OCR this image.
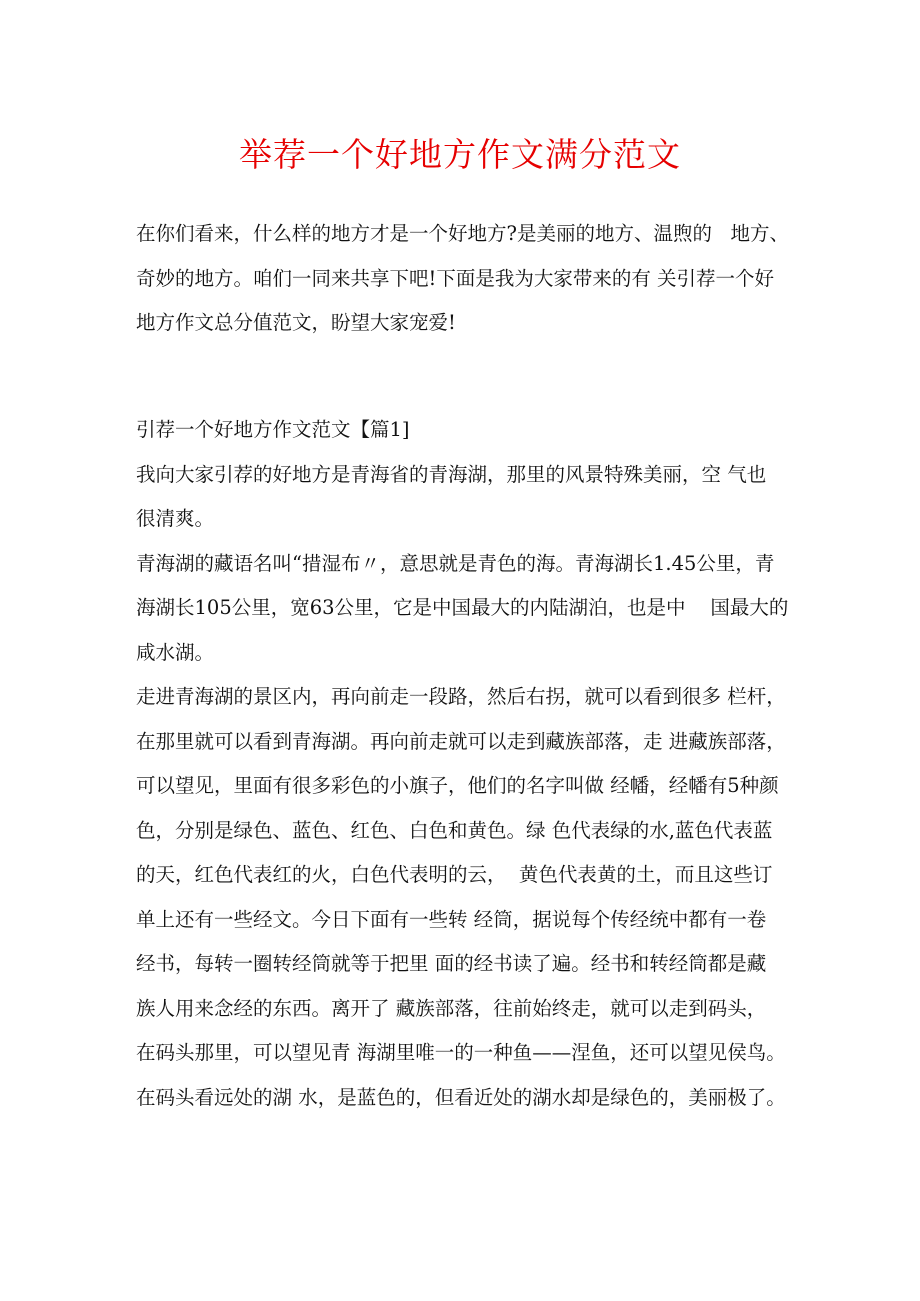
举荐一个好地方作文满分范文
在你们看来，什么样的地方才是一个好地方?是美丽的地方、温煦的   地方、
奇妙的地方。咱们一同来共享下吧!下面是我为大家带来的有 关引荐一个好
地方作文总分值范文，盼望大家宠爱!
引荐一个好地方作文范文【篇1]
我向大家引荐的好地方是青海省的青海湖，那里的风景特殊美丽，空 气也
很清爽。
青海湖的藏语名叫“措湿布〃，意思就是青色的海。青海湖长1.45公里，青
海湖长105公里，宽63公里，它是中国最大的内陆湖泊，也是中    国最大的
咸水湖。
走进青海湖的景区内，再向前走一段路，然后右拐，就可以看到很多 栏杆，
在那里就可以看到青海湖。再向前走就可以走到藏族部落，走 进藏族部落，
可以望见，里面有很多彩色的小旗子，他们的名字叫做 经幡，经幡有5种颜
色，分别是绿色、蓝色、红色、白色和黄色。绿 色代表绿的水,蓝色代表蓝
的天，红色代表红的火，白色代表明的云，  黄色代表黄的土，而且这些订
单上还有一些经文。今日下面有一些转 经筒，据说每个传经统中都有一卷
经书，每转一圈转经筒就等于把里 面的经书读了遍。经书和转经筒都是藏
族人用来念经的东西。离开了 藏族部落，往前始终走，就可以走到码头，
在码头那里，可以望见青 海湖里唯一的一种鱼——涅鱼，还可以望见侯鸟。
在码头看远处的湖 水，是蓝色的，但看近处的湖水却是绿色的，美丽极了。
